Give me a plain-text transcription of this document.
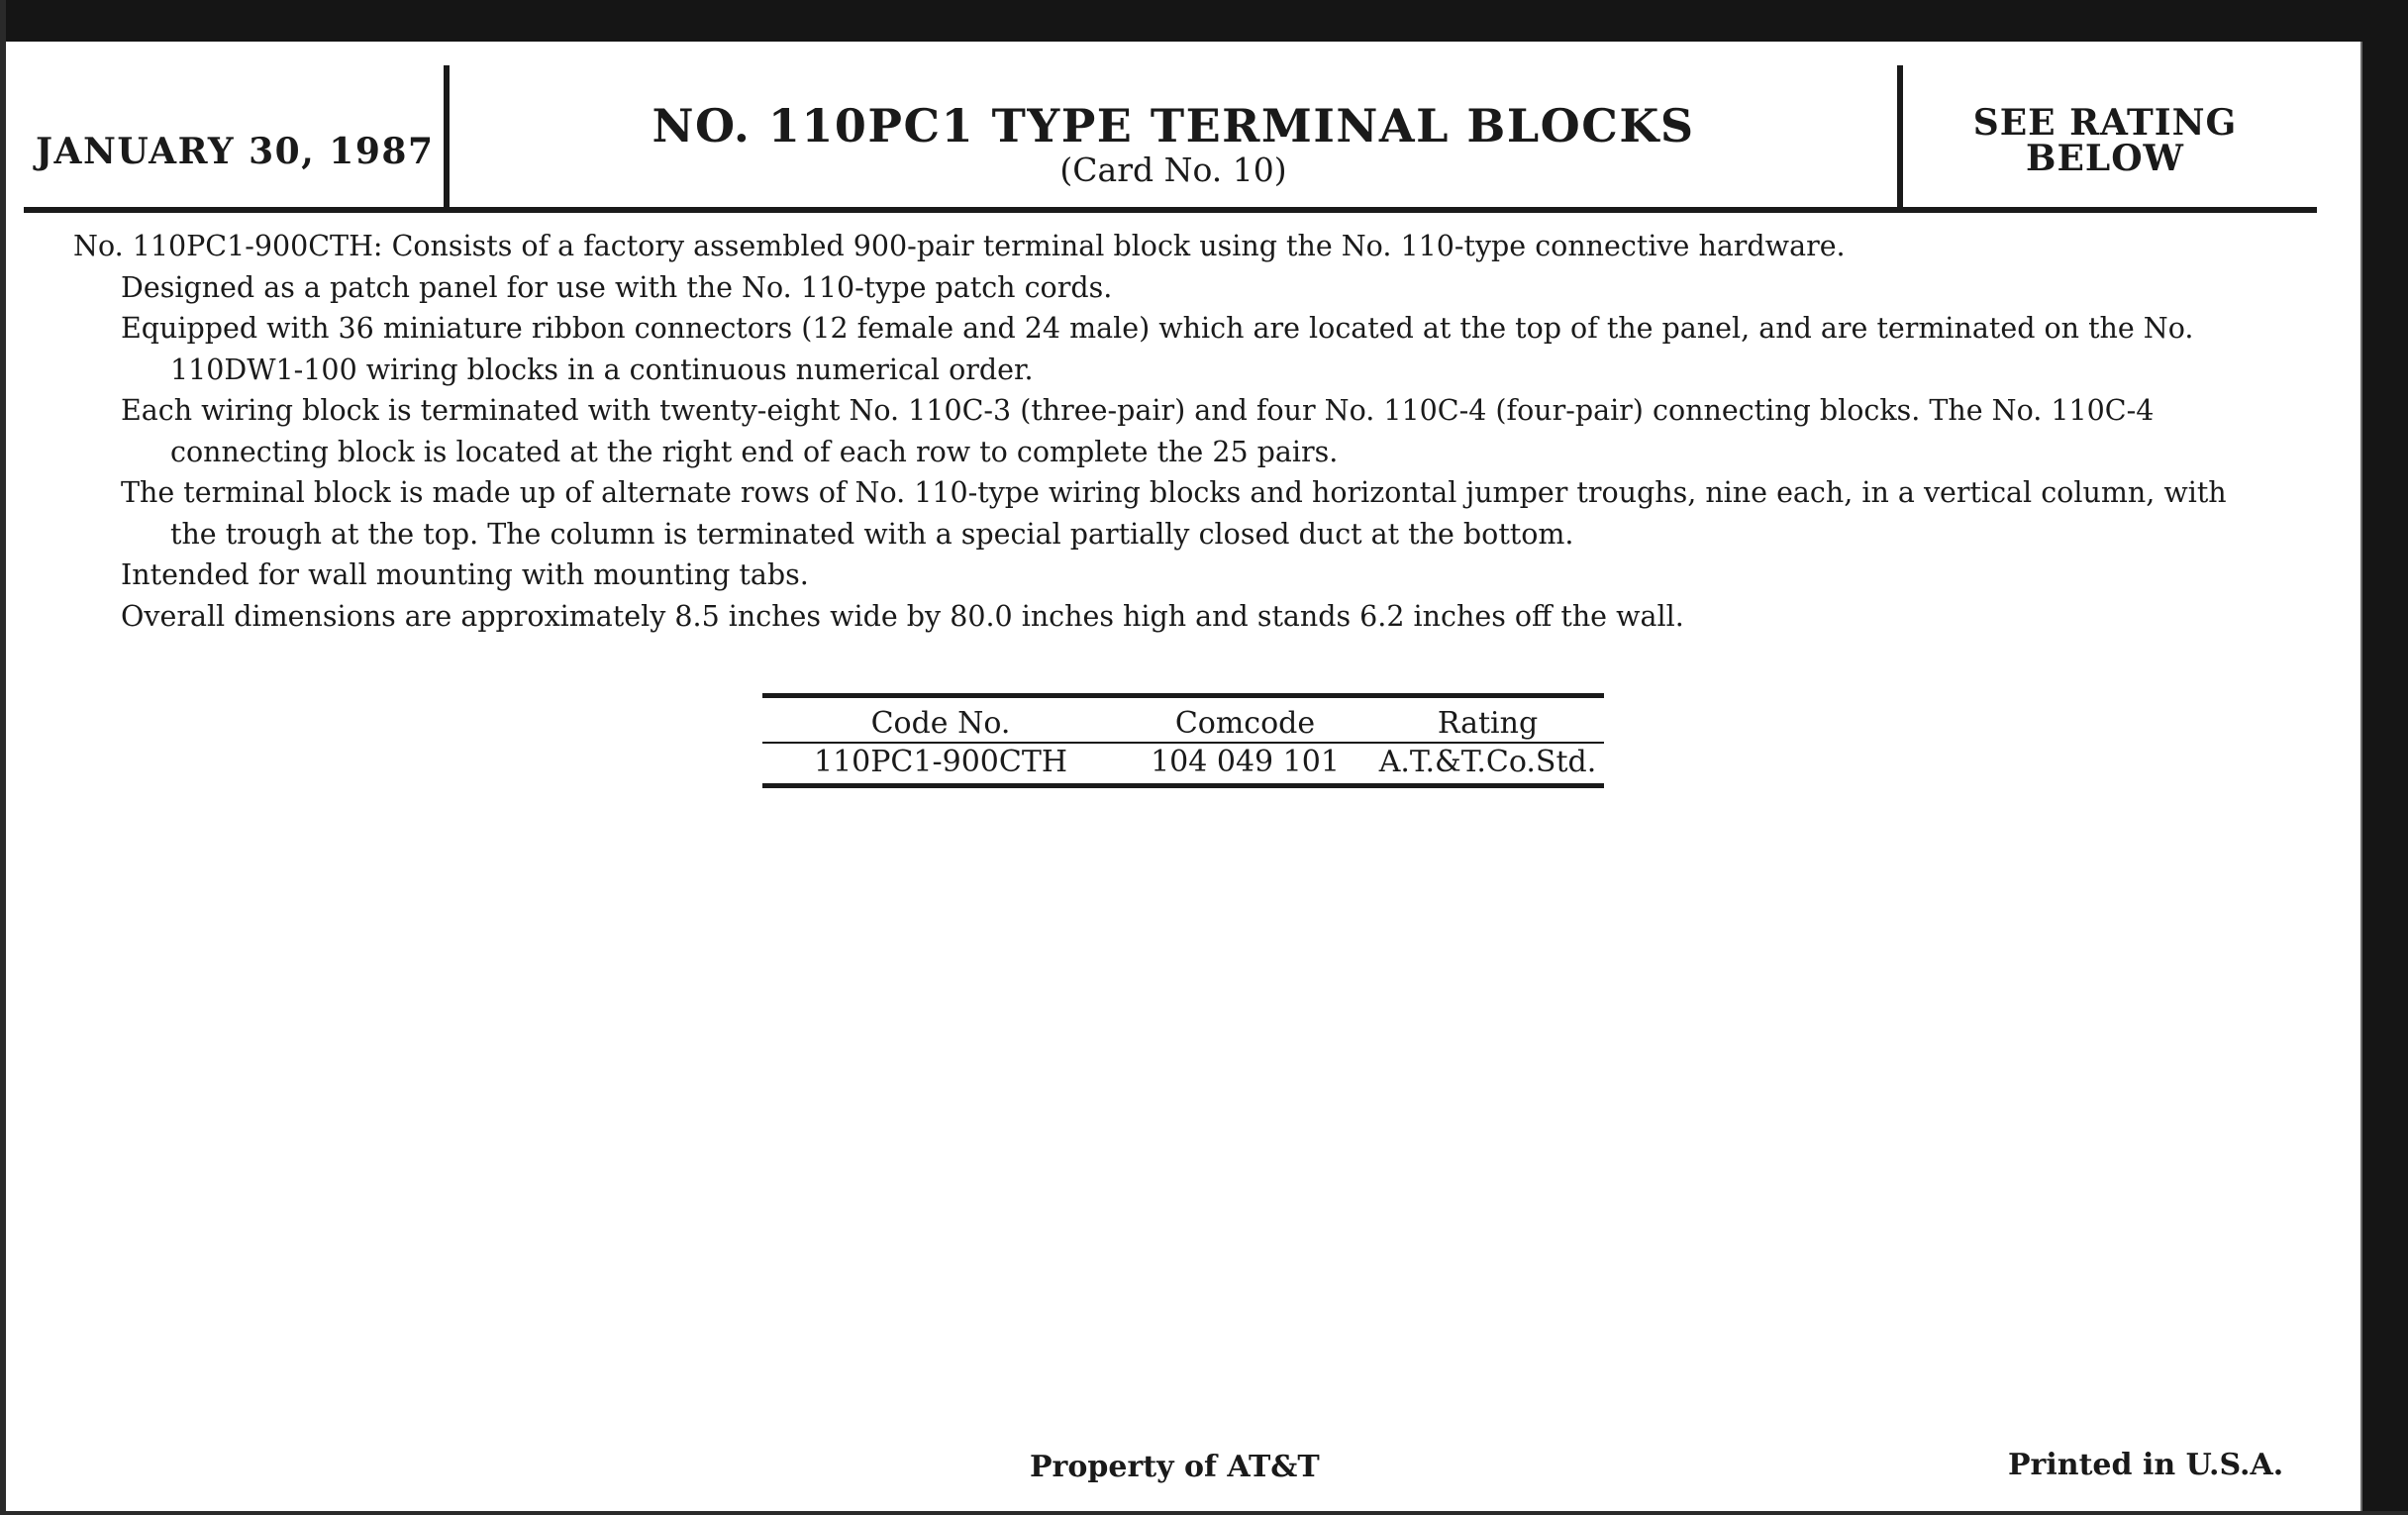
JANUARY 30, 1987	NO. 110PC1 TYPE TERMINAL BLOCKS
(Card No. 10)
SEE RATING
BELOW

No. 110PC1-900CTH: Consists of a factory assembled 900-pair terminal block using the No. 110-type connective hardware.

Designed as a patch panel for use with the No. 110-type patch cords.

Equipped with 36 miniature ribbon connectors (12 female and 24 male) which are located at the top of the panel, and are terminated on the No. 110DW1-100 wiring blocks in a continuous numerical order.

Each wiring block is terminated with twenty-eight No. 110C-3 (three-pair) and four No. 110C-4 (four-pair) connecting blocks. The No. 110C-4 connecting block is located at the right end of each row to complete the 25 pairs.

The terminal block is made up of alternate rows of No. 110-type wiring blocks and horizontal jumper troughs, nine each, in a vertical column, with the trough at the top. The column is terminated with a special partially closed duct at the bottom.

Intended for wall mounting with mounting tabs.

Overall dimensions are approximately 8.5 inches wide by 80.0 inches high and stands 6.2 inches off the wall.

Code No.	Comcode	Rating
110PC1-900CTH	104 049 101	A.T.&T.Co.Std.
Property of AT&T	Printed in U.S.A.
